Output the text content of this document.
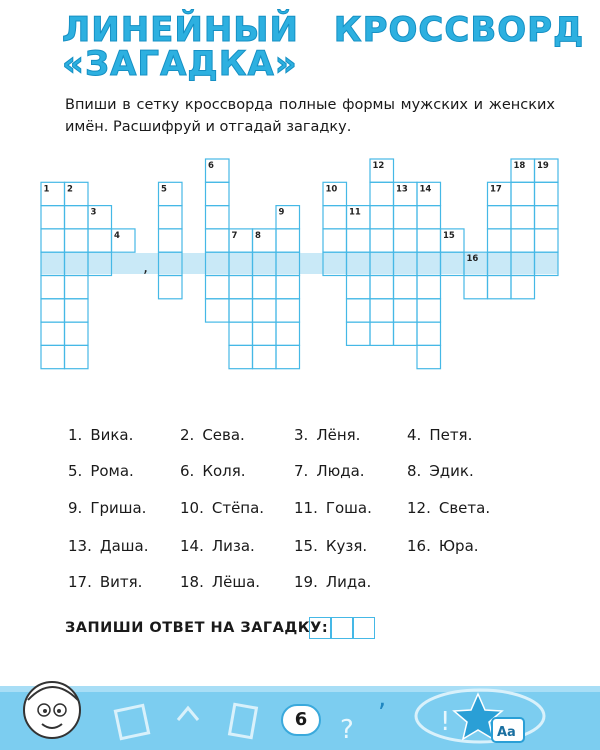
ЛИНЕЙНЫЙ КРОССВОРД
«ЗАГАДКА»

Впиши в сетку кроссворда полные формы мужских и женских имён. Расшифруй и отгадай загадку.

1 2
3
4
5
6
7 8
9
10
11
12
13 14
15
16
17
18 19
,
1. Вика.	2. Сева.	3. Лёня.	4. Петя.
5. Рома.	6. Коля.	7. Люда.	8. Эдик.
9. Гриша. 10. Стёпа. 11. Гоша. 12. Света.
13. Даша. 14. Лиза.	15. Кузя.	16. Юра.
17. Витя.	18. Лёша. 19. Лида.
ЗАПИШИ ОТВЕТ НА ЗАГАДКУ:
?	!
,
Aa
6
